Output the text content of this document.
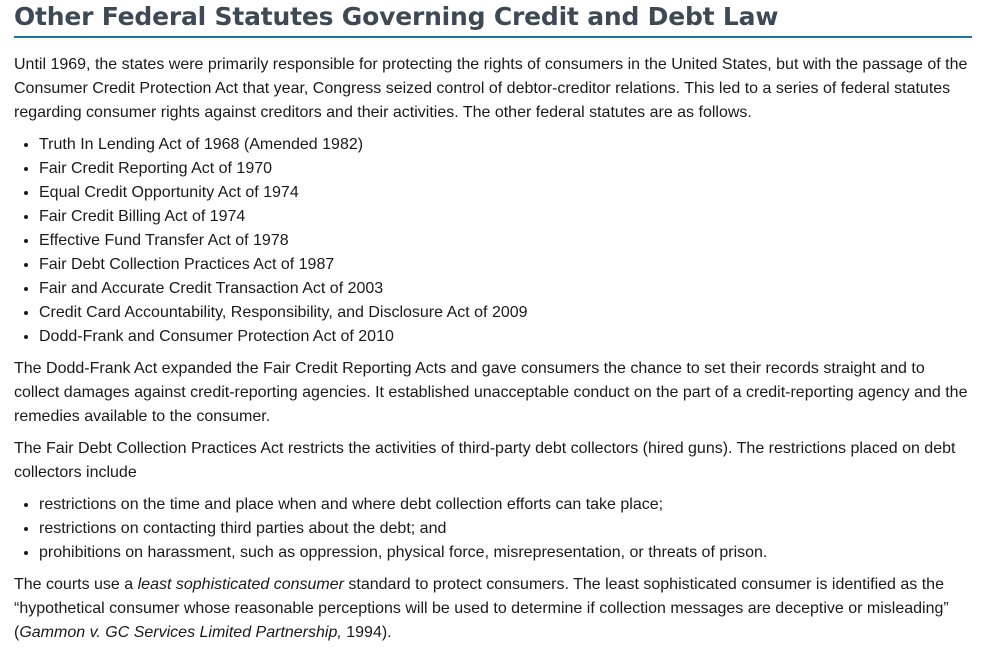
Other Federal Statutes Governing Credit and Debt Law

Until 1969, the states were primarily responsible for protecting the rights of consumers in the United States, but with the passage of the Consumer Credit Protection Act that year, Congress seized control of debtor-creditor relations. This led to a series of federal statutes regarding consumer rights against creditors and their activities. The other federal statutes are as follows.

• Truth In Lending Act of 1968 (Amended 1982)
• Fair Credit Reporting Act of 1970
• Equal Credit Opportunity Act of 1974
• Fair Credit Billing Act of 1974
• Effective Fund Transfer Act of 1978
• Fair Debt Collection Practices Act of 1987
• Fair and Accurate Credit Transaction Act of 2003
• Credit Card Accountability, Responsibility, and Disclosure Act of 2009
• Dodd-Frank and Consumer Protection Act of 2010

The Dodd-Frank Act expanded the Fair Credit Reporting Acts and gave consumers the chance to set their records straight and to collect damages against credit-reporting agencies. It established unacceptable conduct on the part of a credit-reporting agency and the remedies available to the consumer.

The Fair Debt Collection Practices Act restricts the activities of third-party debt collectors (hired guns). The restrictions placed on debt collectors include

• restrictions on the time and place when and where debt collection efforts can take place;
• restrictions on contacting third parties about the debt; and
• prohibitions on harassment, such as oppression, physical force, misrepresentation, or threats of prison.

The courts use a least sophisticated consumer standard to protect consumers. The least sophisticated consumer is identified as the “hypothetical consumer whose reasonable perceptions will be used to determine if collection messages are deceptive or misleading” (Gammon v. GC Services Limited Partnership, 1994).
